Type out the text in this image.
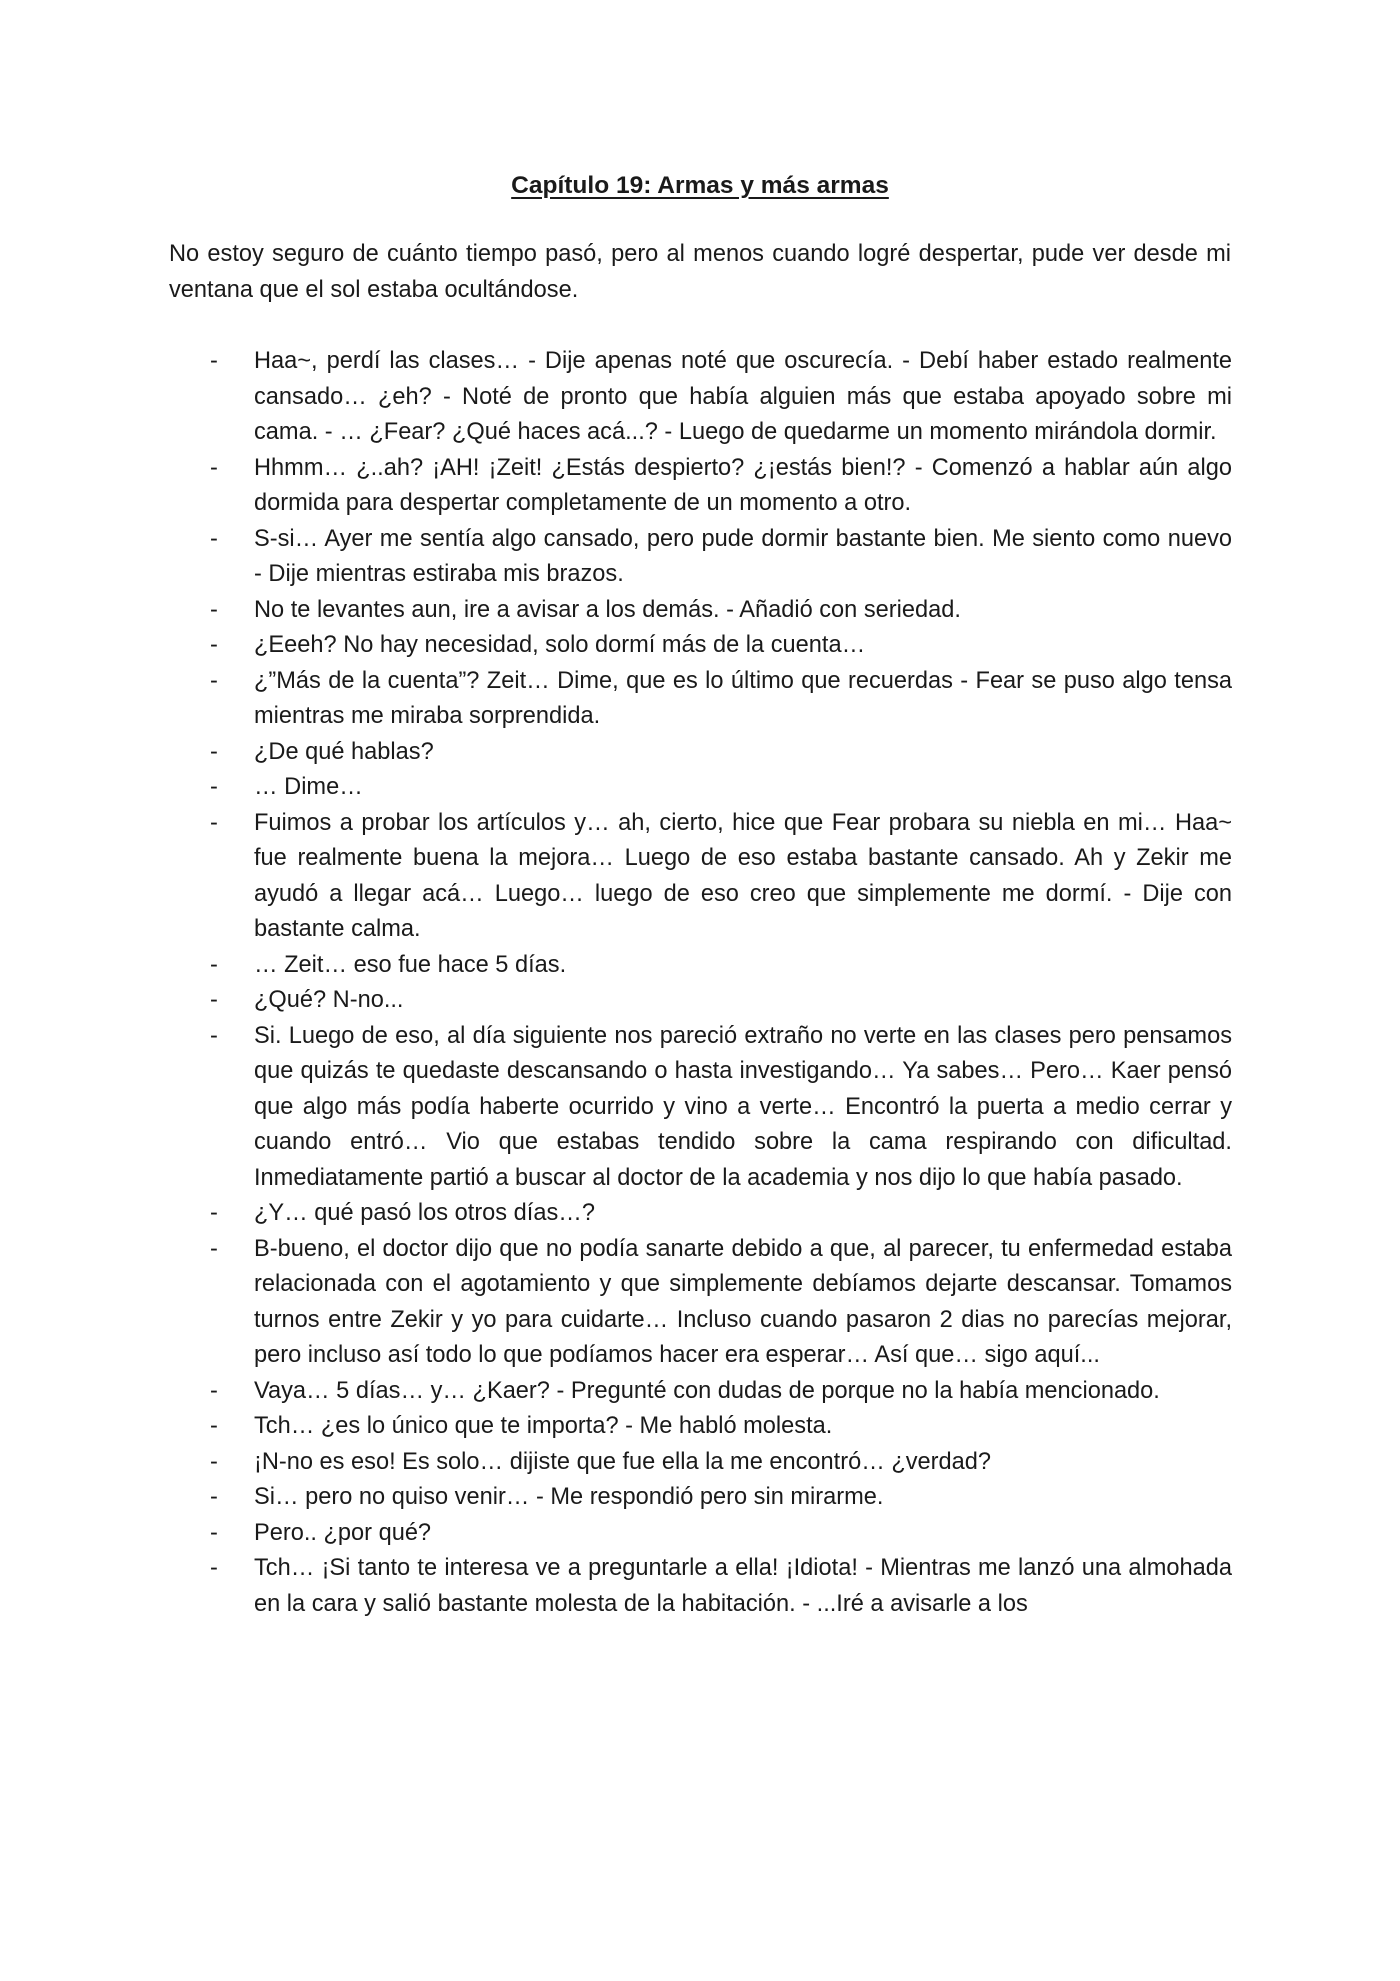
Capítulo 19: Armas y más armas

No estoy seguro de cuánto tiempo pasó, pero al menos cuando logré despertar, pude ver desde mi ventana que el sol estaba ocultándose.

- Haa~, perdí las clases… - Dije apenas noté que oscurecía. - Debí haber estado realmente cansado… ¿eh? - Noté de pronto que había alguien más que estaba apoyado sobre mi cama. - … ¿Fear? ¿Qué haces acá...? - Luego de quedarme un momento mirándola dormir.
- Hhmm… ¿..ah? ¡AH! ¡Zeit! ¿Estás despierto? ¿¡estás bien!? - Comenzó a hablar aún algo dormida para despertar completamente de un momento a otro.
- S-si… Ayer me sentía algo cansado, pero pude dormir bastante bien. Me siento como nuevo - Dije mientras estiraba mis brazos.
- No te levantes aun, ire a avisar a los demás. - Añadió con seriedad.
- ¿Eeeh? No hay necesidad, solo dormí más de la cuenta…
- ¿”Más de la cuenta”? Zeit… Dime, que es lo último que recuerdas - Fear se puso algo tensa mientras me miraba sorprendida.
- ¿De qué hablas?
- … Dime…
- Fuimos a probar los artículos y… ah, cierto, hice que Fear probara su niebla en mi… Haa~ fue realmente buena la mejora… Luego de eso estaba bastante cansado. Ah y Zekir me ayudó a llegar acá… Luego… luego de eso creo que simplemente me dormí. - Dije con bastante calma.
- … Zeit… eso fue hace 5 días.
- ¿Qué? N-no...
- Si. Luego de eso, al día siguiente nos pareció extraño no verte en las clases pero pensamos que quizás te quedaste descansando o hasta investigando… Ya sabes… Pero… Kaer pensó que algo más podía haberte ocurrido y vino a verte… Encontró la puerta a medio cerrar y cuando entró… Vio que estabas tendido sobre la cama respirando con dificultad. Inmediatamente partió a buscar al doctor de la academia y nos dijo lo que había pasado.
- ¿Y… qué pasó los otros días…?
- B-bueno, el doctor dijo que no podía sanarte debido a que, al parecer, tu enfermedad estaba relacionada con el agotamiento y que simplemente debíamos dejarte descansar. Tomamos turnos entre Zekir y yo para cuidarte… Incluso cuando pasaron 2 dias no parecías mejorar, pero incluso así todo lo que podíamos hacer era esperar… Así que… sigo aquí...
- Vaya… 5 días… y… ¿Kaer? - Pregunté con dudas de porque no la había mencionado.
- Tch… ¿es lo único que te importa? - Me habló molesta.
- ¡N-no es eso! Es solo… dijiste que fue ella la me encontró… ¿verdad?
- Si… pero no quiso venir… - Me respondió pero sin mirarme.
- Pero.. ¿por qué?
- Tch… ¡Si tanto te interesa ve a preguntarle a ella! ¡Idiota! - Mientras me lanzó una almohada en la cara y salió bastante molesta de la habitación. - ...Iré a avisarle a los
